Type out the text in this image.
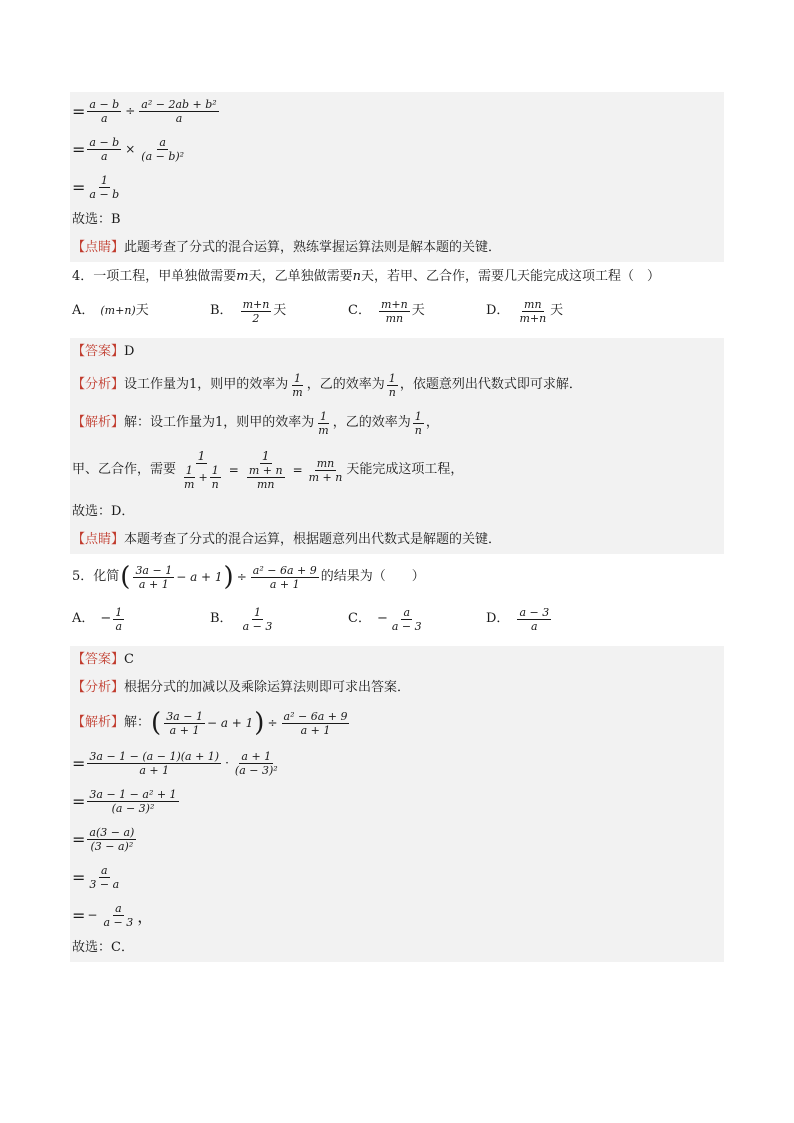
= $\frac{a - b}{a} \div \frac{\text{a² − 2ab + b²}}{a}$
= $\frac{a - b}{a} \times \frac{a}{\text{(a − b)²}}$
= $\frac{1}{a - b}$
故选：B
【点睛】 此题考查了分式的混合运算，熟练掌握运算法则是解本题的关键．
4．一项工程，甲单独做需要 m 天，乙单独做需要 n 天，若甲、乙合作，需要几天能完成这项工程（　）
A． (m+n) 天	B． $\frac{m+n}{2}$ 天	C． $\frac{m+n}{mn}$ 天	D． $\frac{mn}{m+n}$ 天
【答案】 D
【分析】 设工作量为1，则甲的效率为 $\frac{1}{m}$ ，乙的效率为 $\frac{1}{n}$ ，依题意列出代数式即可求解．
【解析】 解：设工作量为1，则甲的效率为 $\frac{1}{m}$ ，乙的效率为 $\frac{1}{n}$ ，
甲、乙合作，需要 $\frac{1}{\frac{1}{m} + \frac{1}{n}} = \frac{1}{\frac{m + n}{mn}} = \frac{mn}{m + n}$ 天能完成这项工程，
故选：D．
【点睛】 本题考查了分式的混合运算，根据题意列出代数式是解题的关键．
5．化简 ( $\frac{3a - 1}{a + 1} - a + 1$ ) ÷ $\frac{\text{a² − 6a + 9}}{a + 1}$ 的结果为（　　）
A． − $\frac{1}{a}$	B． $\frac{1}{a - 3}$	C． − $\frac{a}{a - 3}$	D． $\frac{a - 3}{a}$
【答案】 C
【分析】 根据分式的加减以及乘除运算法则即可求出答案．
【解析】 解： ( $\frac{3a - 1}{a + 1} - a + 1$ ) ÷ $\frac{\text{a² − 6a + 9}}{a + 1}$
= $\frac{3a - 1 - (a - 1)(a + 1)}{a + 1} \cdot \frac{a + 1}{\text{(a − 3)²}}$
= $\frac{\text{3a − 1 − a² + 1}}{\text{(a − 3)²}}$
= $\frac{a(3 - a)}{\text{(3 − a)²}}$
= $\frac{a}{3 - a}$
= − $\frac{a}{a - 3}$ ，
故选：C．
